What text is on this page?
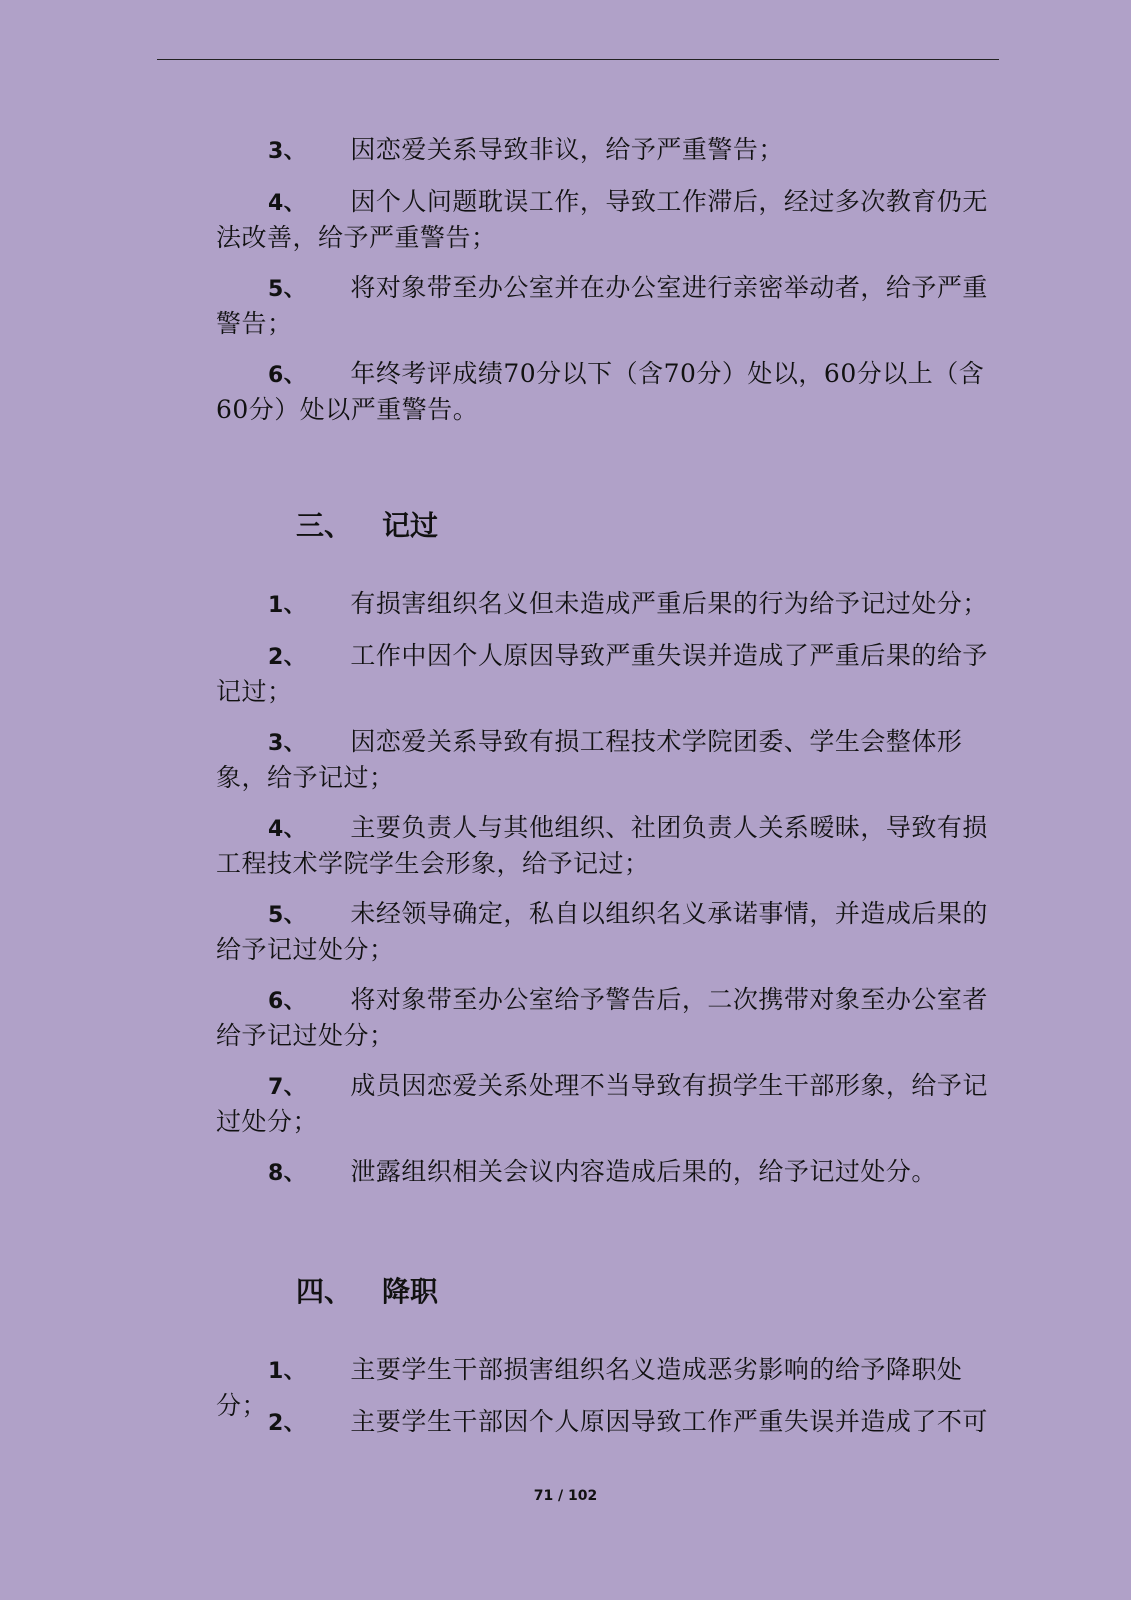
3、 因恋爱关系导致非议，给予严重警告；
4、 因个人问题耽误工作，导致工作滞后，经过多次教育仍无法改善，给予严重警告；
5、 将对象带至办公室并在办公室进行亲密举动者，给予严重警告；
6、 年终考评成绩70分以下（含70分）处以，60分以上（含60分）处以严重警告。
三、 记过
1、 有损害组织名义但未造成严重后果的行为给予记过处分；
2、 工作中因个人原因导致严重失误并造成了严重后果的给予记过；
3、 因恋爱关系导致有损工程技术学院团委、学生会整体形象，给予记过；
4、 主要负责人与其他组织、社团负责人关系暧昧，导致有损工程技术学院学生会形象，给予记过；
5、 未经领导确定，私自以组织名义承诺事情，并造成后果的给予记过处分；
6、 将对象带至办公室给予警告后，二次携带对象至办公室者给予记过处分；
7、 成员因恋爱关系处理不当导致有损学生干部形象，给予记过处分；
8、 泄露组织相关会议内容造成后果的，给予记过处分。
四、 降职
1、 主要学生干部损害组织名义造成恶劣影响的给予降职处分；
2、 主要学生干部因个人原因导致工作严重失误并造成了不可
71 / 102
